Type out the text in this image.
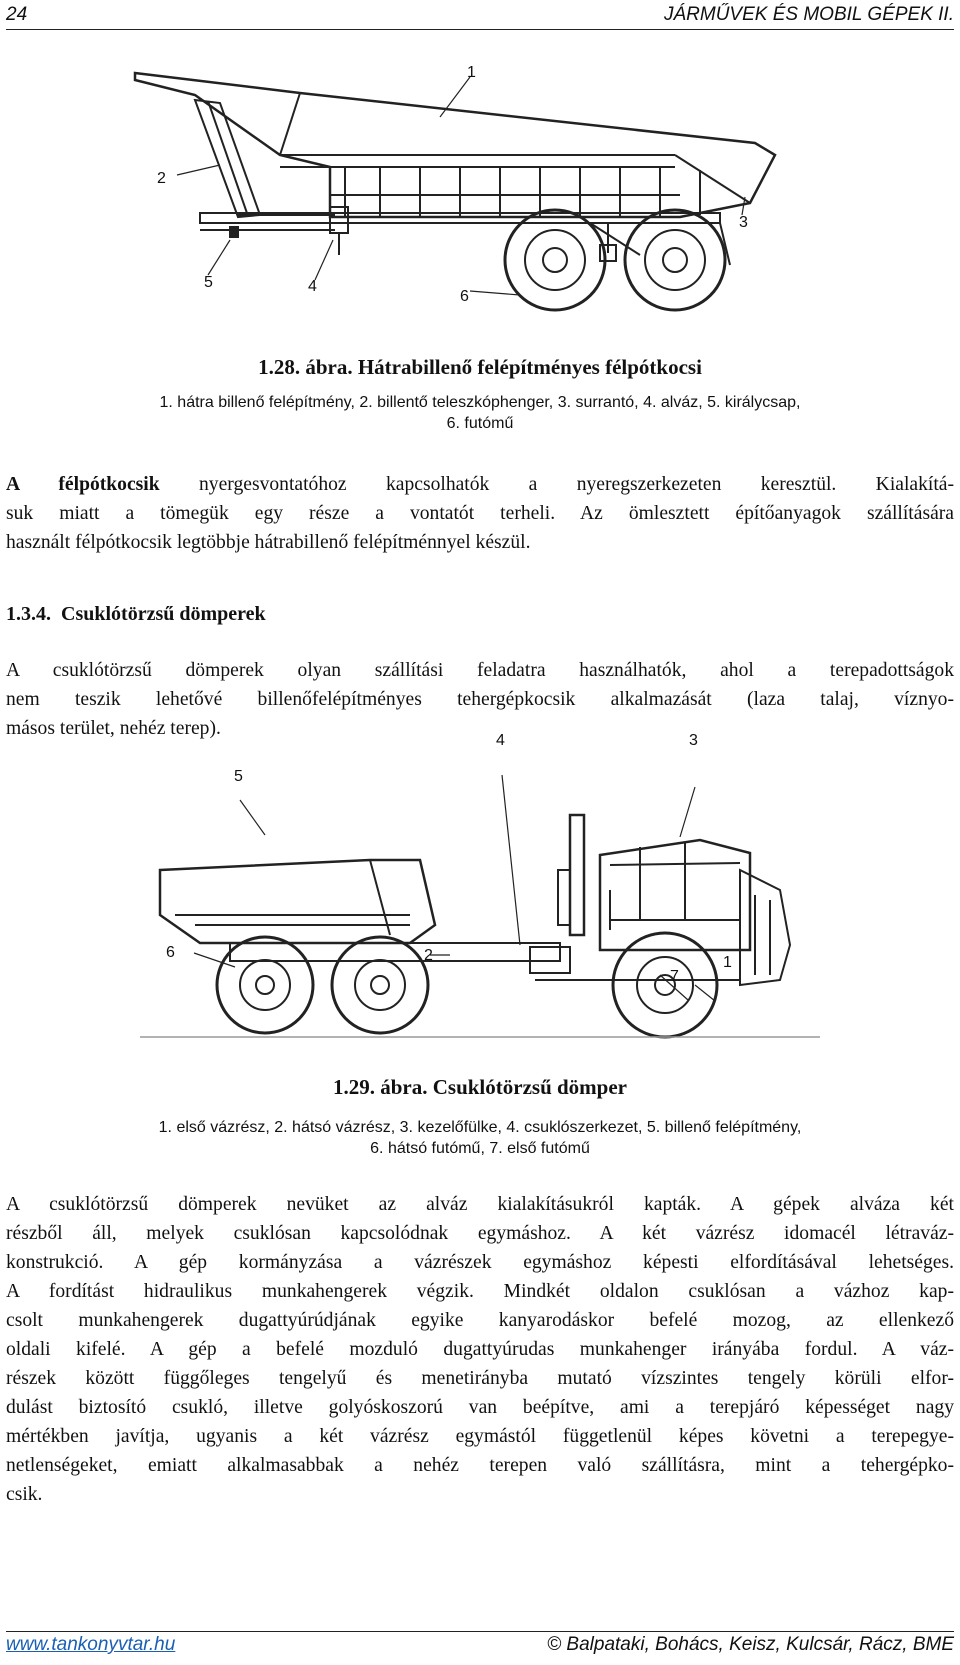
24	JÁRMŰVEK ÉS MOBIL GÉPEK II.
1
2
3
4
5
6
1.28. ábra. Hátrabillenő felépítményes félpótkocsi
1. hátra billenő felépítmény, 2. billentő teleszkóphenger, 3. surrantó, 4. alváz, 5. királycsap,
6. futómű
A félpótkocsik nyergesvontatóhoz kapcsolhatók a nyeregszerkezeten keresztül. Kialakítá-
suk miatt a tömegük egy része a vontatót terheli. Az ömlesztett építőanyagok szállítására
használt félpótkocsik legtöbbje hátrabillenő felépítménnyel készül.
1.3.4. Csuklótörzsű dömperek
A csuklótörzsű dömperek olyan szállítási feladatra használhatók, ahol a terepadottságok
nem teszik lehetővé billenőfelépítményes tehergépkocsik alkalmazását (laza talaj, víznyo-
másos terület, nehéz terep).
1
2
3
4
5
6
7
1.29. ábra. Csuklótörzsű dömper
1. első vázrész, 2. hátsó vázrész, 3. kezelőfülke, 4. csuklószerkezet, 5. billenő felépítmény,
6. hátsó futómű, 7. első futómű
A csuklótörzsű dömperek nevüket az alváz kialakításukról kapták. A gépek alváza két
részből áll, melyek csuklósan kapcsolódnak egymáshoz. A két vázrész idomacél létraváz-
konstrukció. A gép kormányzása a vázrészek egymáshoz képesti elfordításával lehetséges.
A fordítást hidraulikus munkahengerek végzik. Mindkét oldalon csuklósan a vázhoz kap-
csolt munkahengerek dugattyúrúdjának egyike kanyarodáskor befelé mozog, az ellenkező
oldali kifelé. A gép a befelé mozduló dugattyúrudas munkahenger irányába fordul. A váz-
részek között függőleges tengelyű és menetirányba mutató vízszintes tengely körüli elfor-
dulást biztosító csukló, illetve golyóskoszorú van beépítve, ami a terepjáró képességet nagy
mértékben javítja, ugyanis a két vázrész egymástól függetlenül képes követni a terepegye-
netlenségeket, emiatt alkalmasabbak a nehéz terepen való szállításra, mint a tehergépko-
csik.
www.tankonyvtar.hu	© Balpataki, Bohács, Keisz, Kulcsár, Rácz, BME
